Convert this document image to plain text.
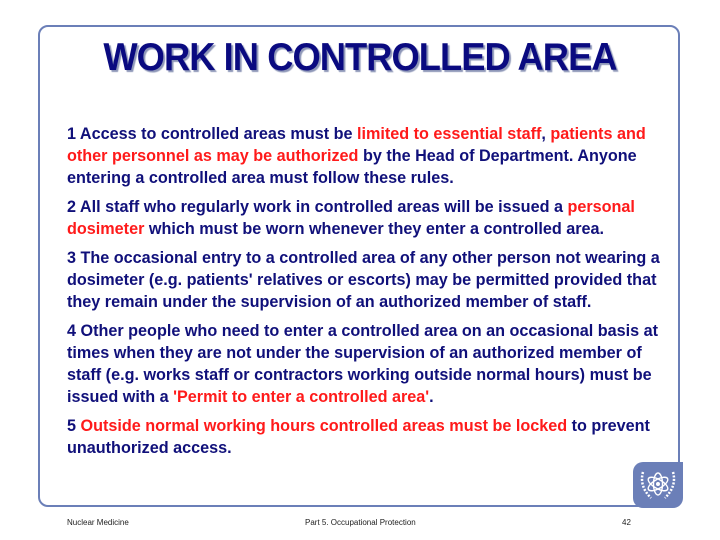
WORK IN CONTROLLED AREA

1 Access to controlled areas must be limited to essential staff, patients and other personnel as may be authorized by the Head of Department. Anyone entering a controlled area must follow these rules.

2 All staff who regularly work in controlled areas will be issued a personal dosimeter which must be worn whenever they enter a controlled area.

3 The occasional entry to a controlled area of any other person not wearing a dosimeter (e.g. patients' relatives or escorts) may be permitted provided that they remain under the supervision of an authorized member of staff.

4 Other people who need to enter a controlled area on an occasional basis at times when they are not under the supervision of an authorized member of staff (e.g. works staff or contractors working outside normal hours) must be issued with a 'Permit to enter a controlled area'.

5 Outside normal working hours controlled areas must be locked to prevent unauthorized access.

Nuclear Medicine	Part 5. Occupational Protection	42
